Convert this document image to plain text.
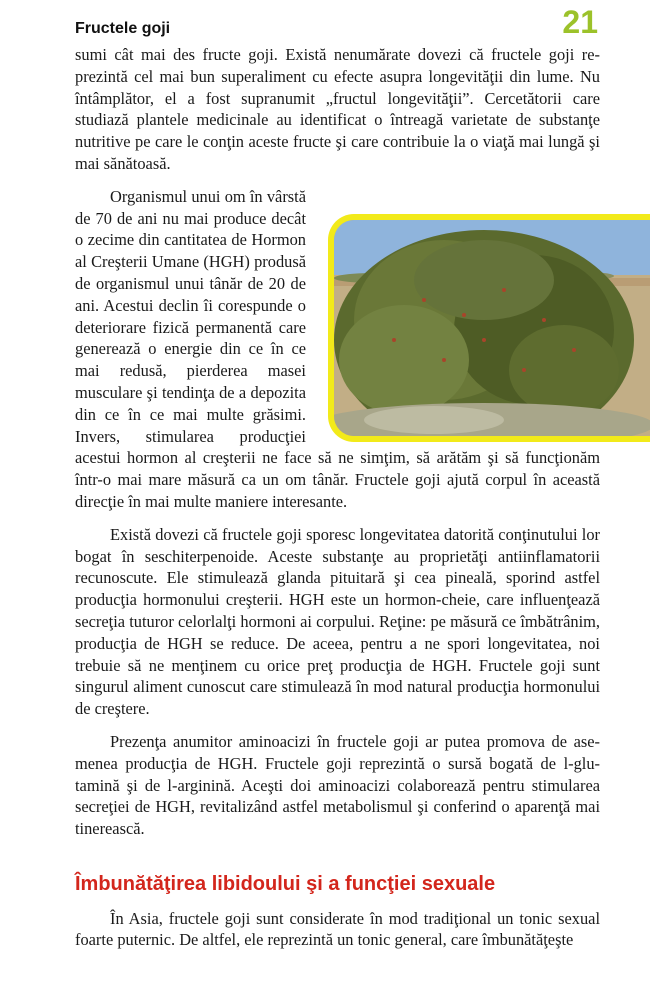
Fructele goji	21

sumi cât mai des fructe goji. Există nenumărate dovezi că fructele goji reprezintă cel mai bun superaliment cu efecte asupra longevităţii din lume. Nu întâmplător, el a fost supranumit „fructul longevităţii”. Cercetătorii care studiază plantele medicinale au identificat o întreagă varietate de substanţe nutritive pe care le conţin aceste fructe şi care contribuie la o viaţă mai lungă şi mai sănătoasă.

Organismul unui om în vârstă de 70 de ani nu mai produce decât o zecime din cantitatea de Hormon al Creşterii Umane (HGH) produsă de organismul unui tânăr de 20 de ani. Acestui declin îi corespunde o deteriorare fizică permanentă care generează o energie din ce în ce mai redusă, pierderea masei musculare şi tendinţa de a depozita din ce în ce mai multe grăsimi. Invers, stimularea producţiei acestui hormon al creşterii ne face să ne simţim, să arătăm şi să funcţionăm într-o mai mare măsură ca un om tânăr. Fructele goji ajută corpul în această direcţie în mai multe maniere interesante.

Există dovezi că fructele goji sporesc longevitatea datorită conţinutului lor bogat în seschiterpenoide. Aceste substanţe au proprietăţi antiinflamatorii recunoscute. Ele stimulează glanda pituitară şi cea pineală, sporind astfel producţia hormonului creşterii. HGH este un hormon-cheie, care influenţează secreţia tuturor celorlalţi hormoni ai corpului. Reţine: pe măsură ce îmbătrânim, producţia de HGH se reduce. De aceea, pentru a ne spori longevitatea, noi trebuie să ne menţinem cu orice preţ producţia de HGH. Fructele goji sunt singurul aliment cunoscut care stimulează în mod natural producţia hormonului de creştere.

Prezenţa anumitor aminoacizi în fructele goji ar putea promova de asemenea producţia de HGH. Fructele goji reprezintă o sursă bogată de l-glutamină şi de l-arginină. Aceşti doi aminoacizi colaborează pentru stimularea secreţiei de HGH, revitalizând astfel metabolismul şi conferind o aparenţă mai tinerească.

Îmbunătăţirea libidoului şi a funcţiei sexuale

În Asia, fructele goji sunt considerate în mod tradiţional un tonic sexual foarte puternic. De altfel, ele reprezintă un tonic general, care îmbunătăţeşte
